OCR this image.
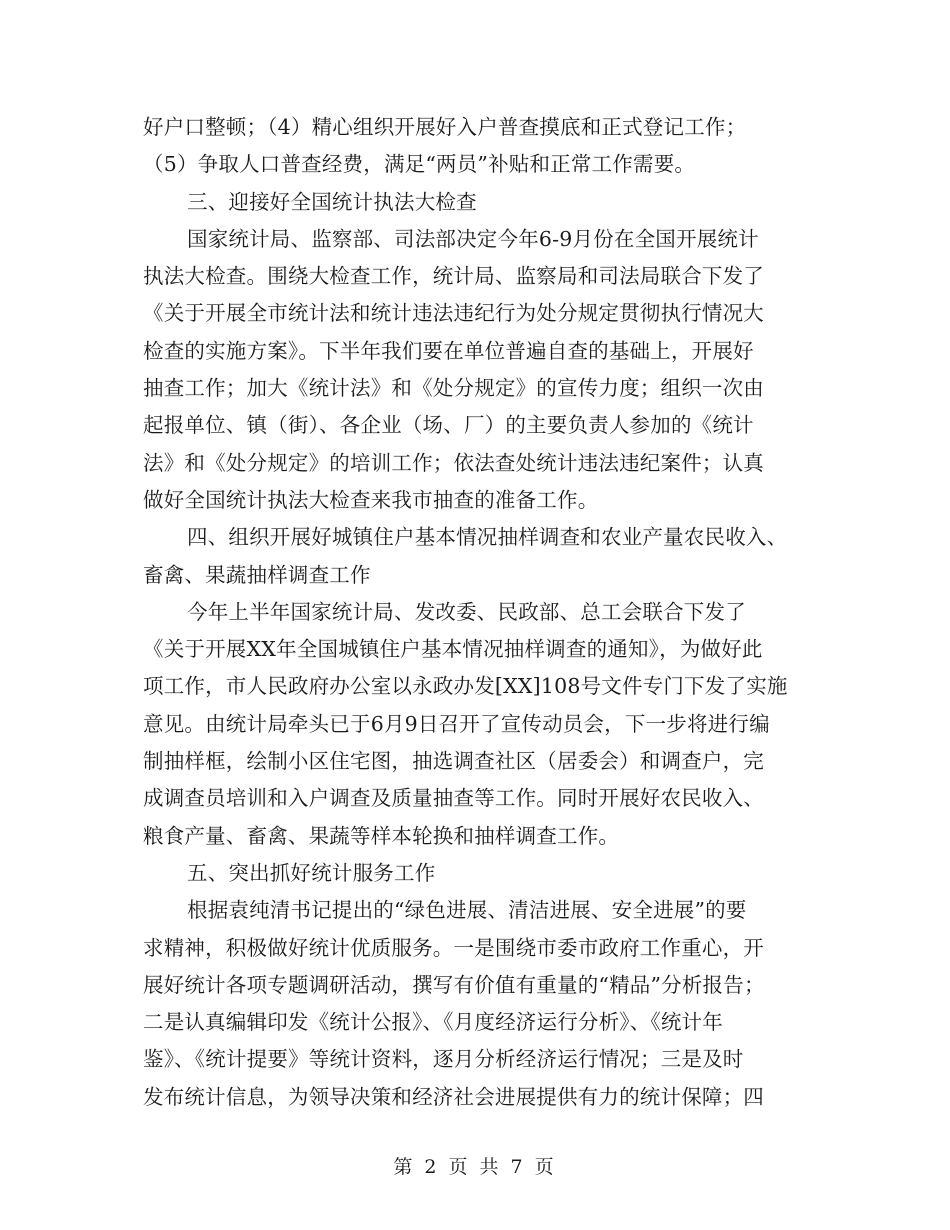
好户口整顿；（4）精心组织开展好入户普查摸底和正式登记工作；
（5）争取人口普查经费，满足“两员”补贴和正常工作需要。
三、迎接好全国统计执法大检查
国家统计局、监察部、司法部决定今年6-9月份在全国开展统计
执法大检查。围绕大检查工作，统计局、监察局和司法局联合下发了
《关于开展全市统计法和统计违法违纪行为处分规定贯彻执行情况大
检查的实施方案》。下半年我们要在单位普遍自查的基础上，开展好
抽查工作；加大《统计法》和《处分规定》的宣传力度；组织一次由
起报单位、镇（街）、各企业（场、厂）的主要负责人参加的《统计
法》和《处分规定》的培训工作；依法查处统计违法违纪案件；认真
做好全国统计执法大检查来我市抽查的准备工作。
四、组织开展好城镇住户基本情况抽样调查和农业产量农民收入、
畜禽、果蔬抽样调查工作
今年上半年国家统计局、发改委、民政部、总工会联合下发了
《关于开展XX年全国城镇住户基本情况抽样调查的通知》，为做好此
项工作，市人民政府办公室以永政办发[XX]108号文件专门下发了实施
意见。由统计局牵头已于6月9日召开了宣传动员会，下一步将进行编
制抽样框，绘制小区住宅图，抽选调查社区（居委会）和调查户，完
成调查员培训和入户调查及质量抽查等工作。同时开展好农民收入、
粮食产量、畜禽、果蔬等样本轮换和抽样调查工作。
五、突出抓好统计服务工作
根据袁纯清书记提出的“绿色进展、清洁进展、安全进展”的要
求精神，积极做好统计优质服务。一是围绕市委市政府工作重心，开
展好统计各项专题调研活动，撰写有价值有重量的“精品”分析报告；
二是认真编辑印发《统计公报》、《月度经济运行分析》、《统计年
鉴》、《统计提要》等统计资料，逐月分析经济运行情况；三是及时
发布统计信息，为领导决策和经济社会进展提供有力的统计保障；四
第 2 页 共 7 页
